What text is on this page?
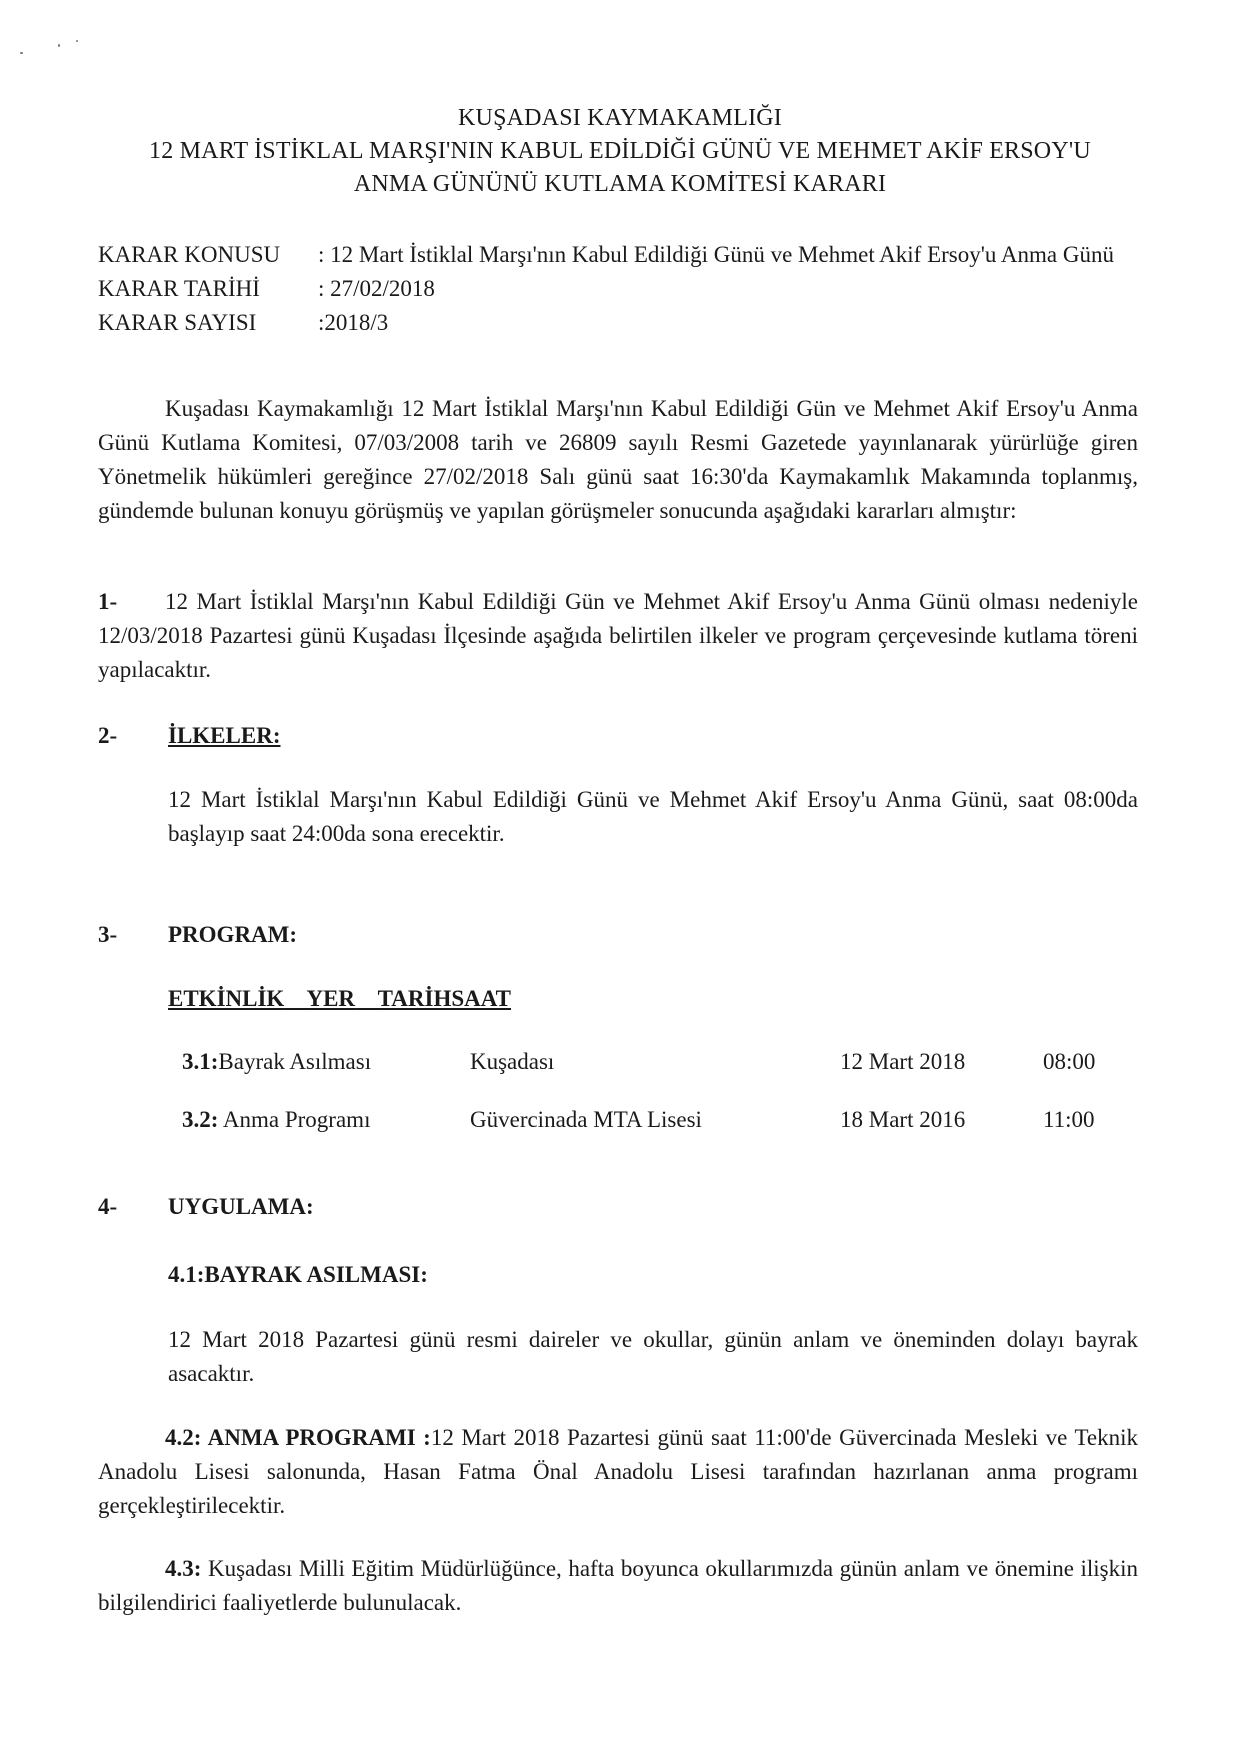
KUŞADASI KAYMAKAMLIĞI
12 MART İSTİKLAL MARŞI'NIN KABUL EDİLDİĞİ GÜNÜ VE MEHMET AKİF ERSOY'U
ANMA GÜNÜNÜ KUTLAMA KOMİTESİ KARARI
KARAR KONUSU	: 12 Mart İstiklal Marşı'nın Kabul Edildiği Günü ve Mehmet Akif Ersoy'u Anma Günü
KARAR TARİHİ	: 27/02/2018
KARAR SAYISI	:2018/3
Kuşadası Kaymakamlığı 12 Mart İstiklal Marşı'nın Kabul Edildiği Gün ve Mehmet Akif Ersoy'u Anma Günü Kutlama Komitesi, 07/03/2008 tarih ve 26809 sayılı Resmi Gazetede yayınlanarak yürürlüğe giren Yönetmelik hükümleri gereğince 27/02/2018 Salı günü saat 16:30'da Kaymakamlık Makamında toplanmış, gündemde bulunan konuyu görüşmüş ve yapılan görüşmeler sonucunda aşağıdaki kararları almıştır:
1-	12 Mart İstiklal Marşı'nın Kabul Edildiği Gün ve Mehmet Akif Ersoy'u Anma Günü olması nedeniyle 12/03/2018 Pazartesi günü Kuşadası İlçesinde aşağıda belirtilen ilkeler ve program çerçevesinde kutlama töreni yapılacaktır.
2- İLKELER:
12 Mart İstiklal Marşı'nın Kabul Edildiği Günü ve Mehmet Akif Ersoy'u Anma Günü, saat 08:00da başlayıp saat 24:00da sona erecektir.
3- PROGRAM:
ETKİNLİK YER TARİHSAAT
3.1:Bayrak Asılması	Kuşadası	12 Mart 2018	08:00
3.2: Anma Programı	Güvercinada MTA Lisesi	18 Mart 2016	11:00
4- UYGULAMA:
4.1:BAYRAK ASILMASI:
12 Mart 2018 Pazartesi günü resmi daireler ve okullar, günün anlam ve öneminden dolayı bayrak asacaktır.
4.2: ANMA PROGRAMI :12 Mart 2018 Pazartesi günü saat 11:00'de Güvercinada Mesleki ve Teknik Anadolu Lisesi salonunda, Hasan Fatma Önal Anadolu Lisesi tarafından hazırlanan anma programı gerçekleştirilecektir.
4.3: Kuşadası Milli Eğitim Müdürlüğünce, hafta boyunca okullarımızda günün anlam ve önemine ilişkin bilgilendirici faaliyetlerde bulunulacak.
